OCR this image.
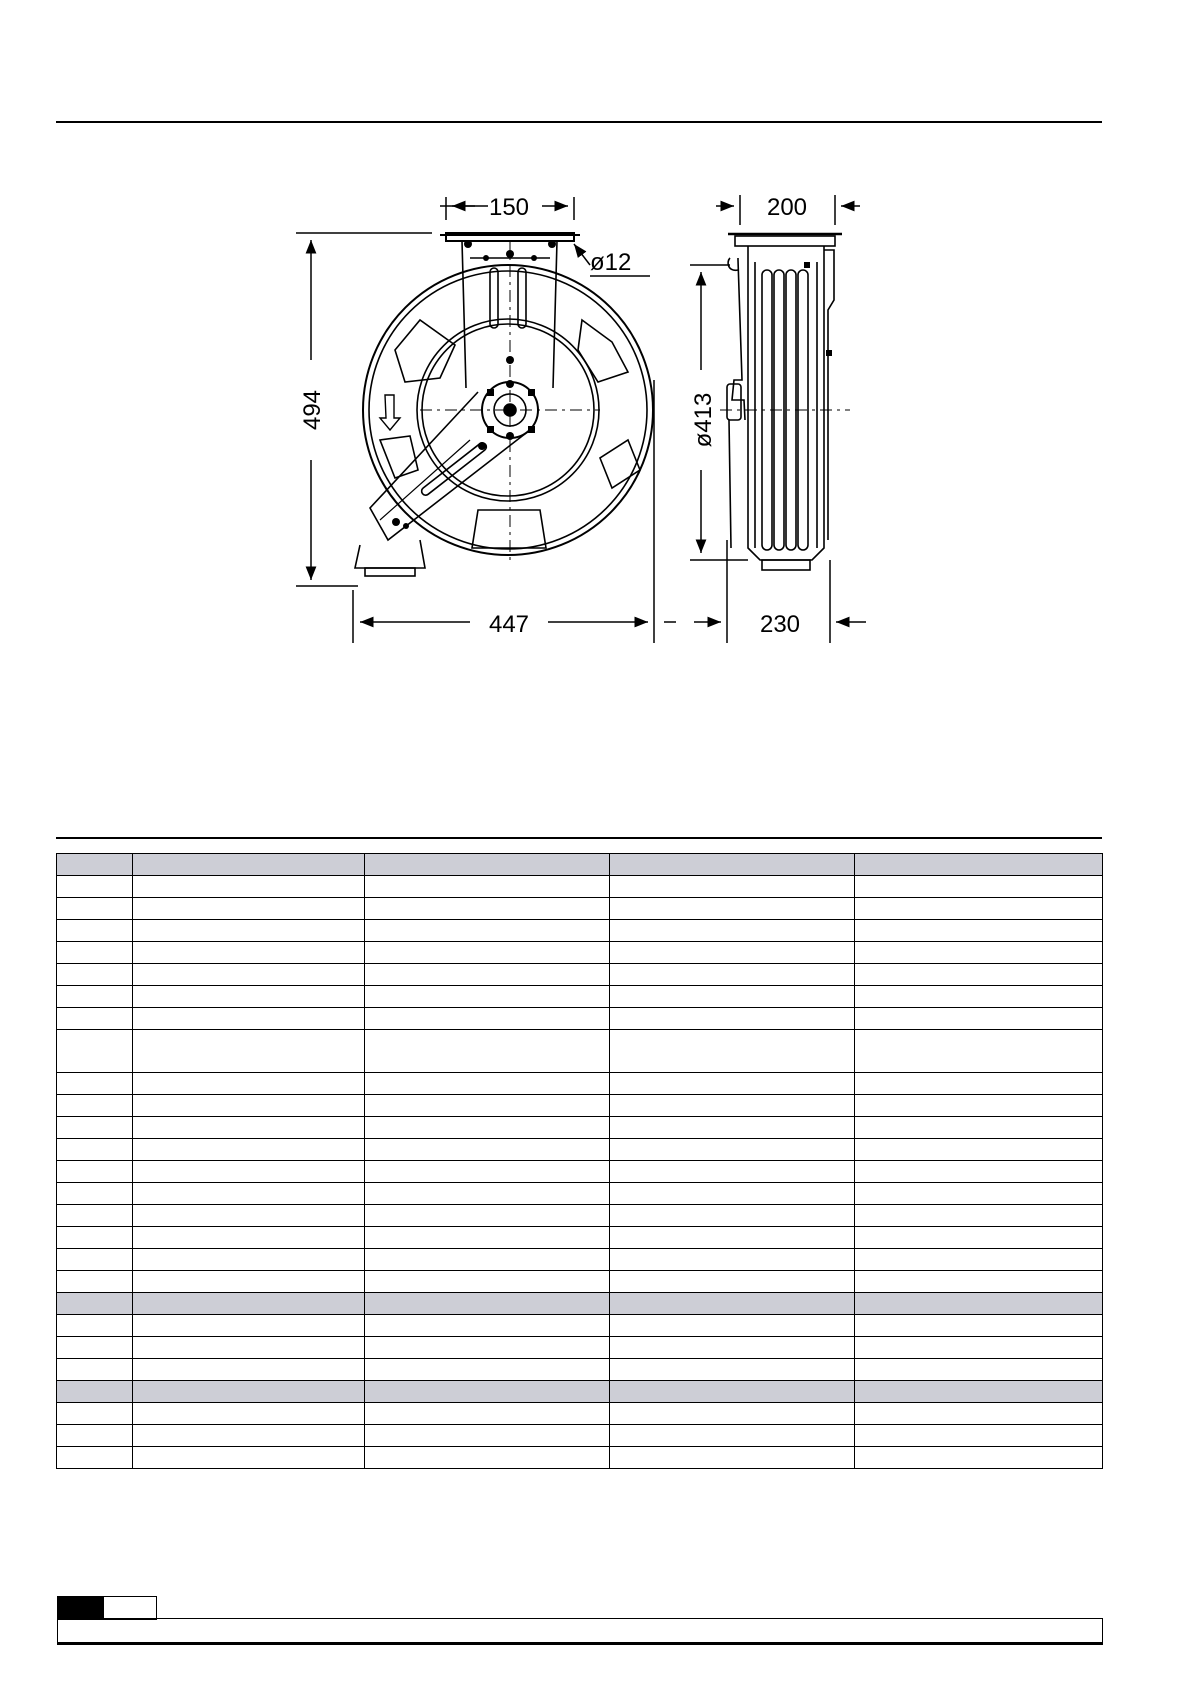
150
ø12
494
447
200
ø413
230
